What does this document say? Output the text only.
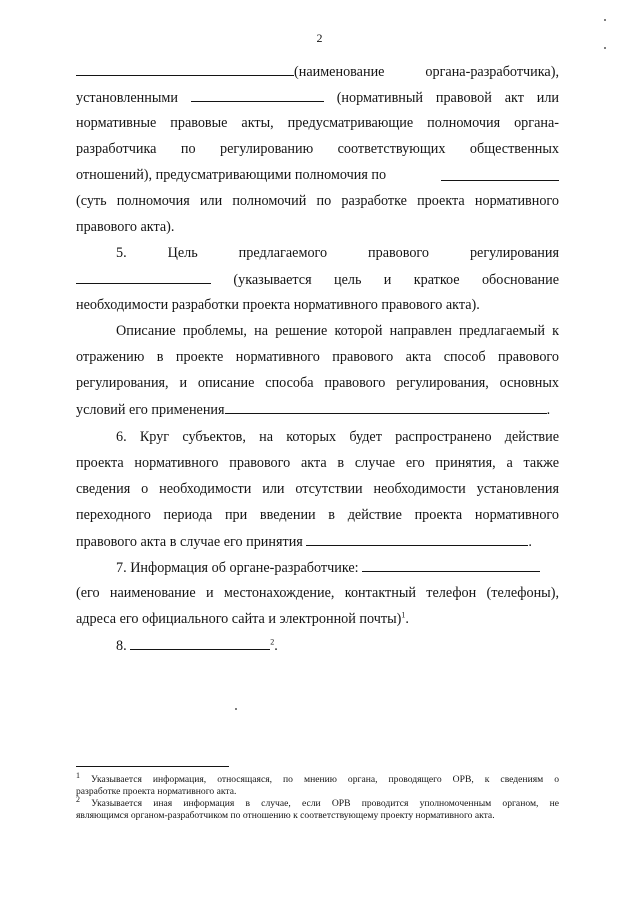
2
(наименование органа-разработчика),
установленными	(нормативный правовой акт или
нормативные правовые акты, предусматривающие полномочия органа-
разработчика по регулированию соответствующих общественных
отношений), предусматривающими полномочия по
(суть полномочия или полномочий по разработке проекта нормативного
правового акта).
5.	Цель предлагаемого правового регулирования
(указывается цель и краткое обоснование
необходимости разработки проекта нормативного правового акта).
Описание проблемы, на решение которой направлен предлагаемый к
отражению в проекте нормативного правового акта способ правового
регулирования, и описание способа правового регулирования, основных
условий его применения	.
6. Круг субъектов, на которых будет распространено действие
проекта нормативного правового акта в случае его принятия, а также
сведения о необходимости или отсутствии необходимости установления
переходного периода при введении в действие проекта нормативного
правового акта в случае его принятия	.
7. Информация об органе-разработчике:
(его наименование и местонахождение, контактный телефон (телефоны),
адреса его официального сайта и электронной почты)$^1$.
8.	$^2$.
$^1$ Указывается информация, относящаяся, по мнению органа, проводящего ОРВ, к сведениям о
разработке проекта нормативного акта.
$^2$ Указывается иная информация в случае, если ОРВ проводится уполномоченным органом, не
являющимся органом-разработчиком по отношению к соответствующему проекту нормативного акта.
